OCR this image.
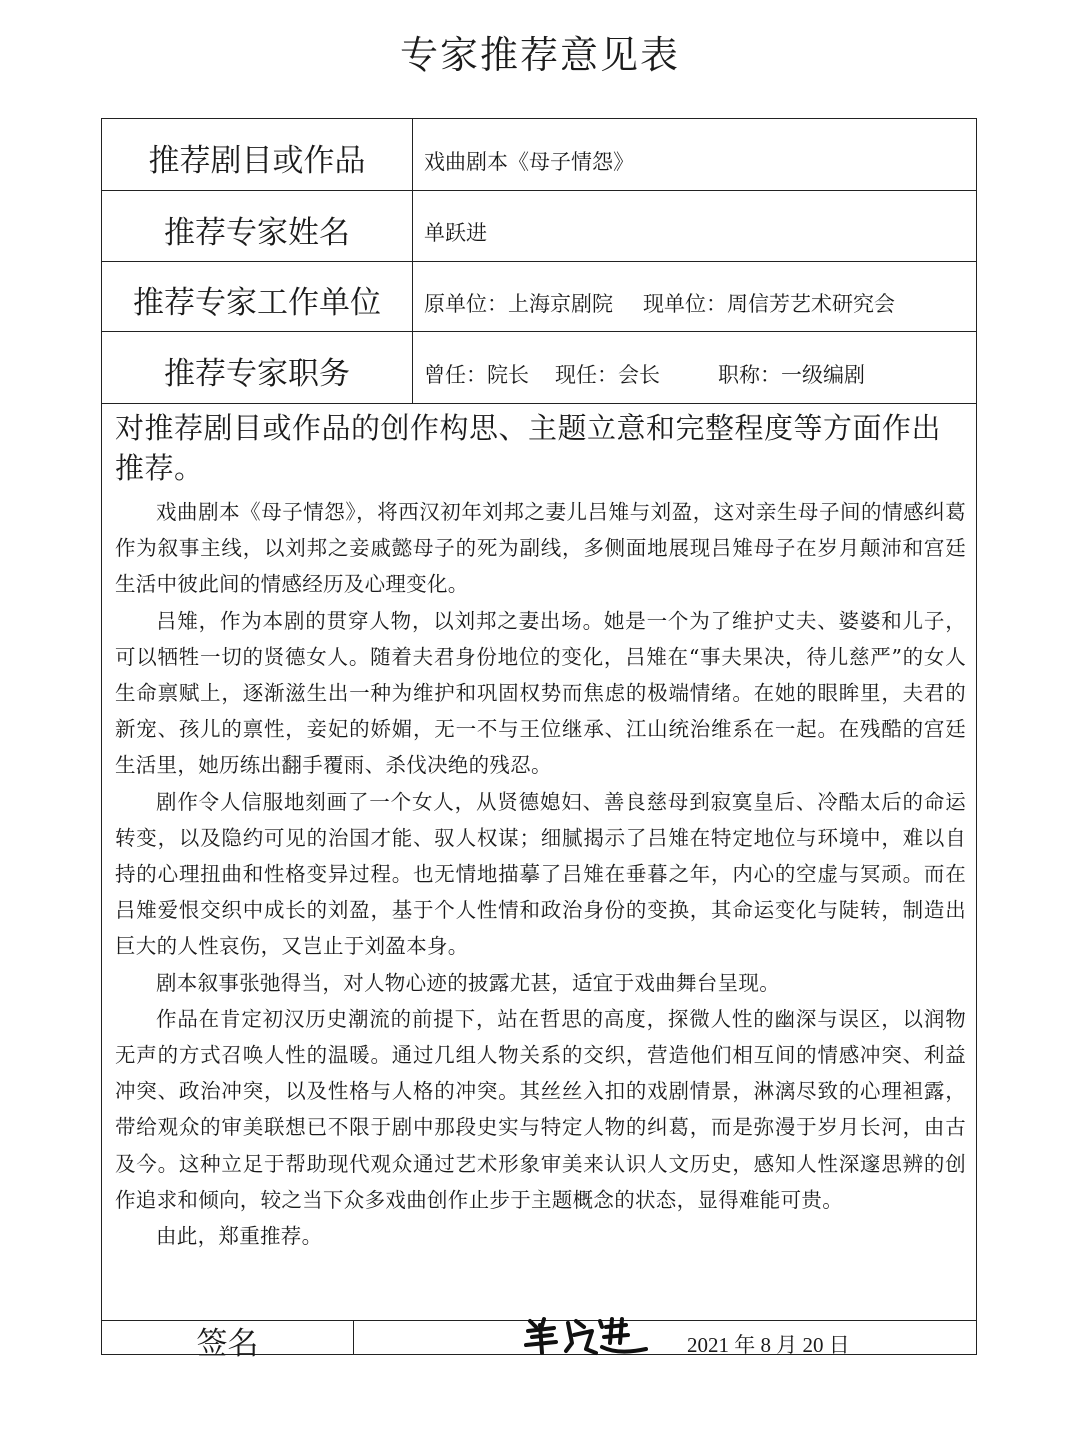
专家推荐意见表
推荐剧目或作品	戏曲剧本《母子情怨》
推荐专家姓名	单跃进
推荐专家工作单位	原单位：上海京剧院 现单位：周信芳艺术研究会
推荐专家职务	曾任：院长 现任：会长	职称：一级编剧

对推荐剧目或作品的创作构思、主题立意和完整程度等方面作出推荐。

戏曲剧本《母子情怨》，将西汉初年刘邦之妻儿吕雉与刘盈，这对亲生母子间的情感纠葛作为叙事主线，以刘邦之妾戚懿母子的死为副线，多侧面地展现吕雉母子在岁月颠沛和宫廷生活中彼此间的情感经历及心理变化。

吕雉，作为本剧的贯穿人物，以刘邦之妻出场。她是一个为了维护丈夫、婆婆和儿子，可以牺牲一切的贤德女人。随着夫君身份地位的变化，吕雉在“事夫果决，待儿慈严”的女人生命禀赋上，逐渐滋生出一种为维护和巩固权势而焦虑的极端情绪。在她的眼眸里，夫君的新宠、孩儿的禀性，妾妃的娇媚，无一不与王位继承、江山统治维系在一起。在残酷的宫廷生活里，她历练出翻手覆雨、杀伐决绝的残忍。

剧作令人信服地刻画了一个女人，从贤德媳妇、善良慈母到寂寞皇后、冷酷太后的命运转变，以及隐约可见的治国才能、驭人权谋；细腻揭示了吕雉在特定地位与环境中，难以自持的心理扭曲和性格变异过程。也无情地描摹了吕雉在垂暮之年，内心的空虚与冥顽。而在吕雉爱恨交织中成长的刘盈，基于个人性情和政治身份的变换，其命运变化与陡转，制造出巨大的人性哀伤，又岂止于刘盈本身。

剧本叙事张弛得当，对人物心迹的披露尤甚，适宜于戏曲舞台呈现。

作品在肯定初汉历史潮流的前提下，站在哲思的高度，探微人性的幽深与误区，以润物无声的方式召唤人性的温暖。通过几组人物关系的交织，营造他们相互间的情感冲突、利益冲突、政治冲突，以及性格与人格的冲突。其丝丝入扣的戏剧情景，淋漓尽致的心理袒露，带给观众的审美联想已不限于剧中那段史实与特定人物的纠葛，而是弥漫于岁月长河，由古及今。这种立足于帮助现代观众通过艺术形象审美来认识人文历史，感知人性深邃思辨的创作追求和倾向，较之当下众多戏曲创作止步于主题概念的状态，显得难能可贵。

由此，郑重推荐。

签名	2021 年 8 月 20 日
